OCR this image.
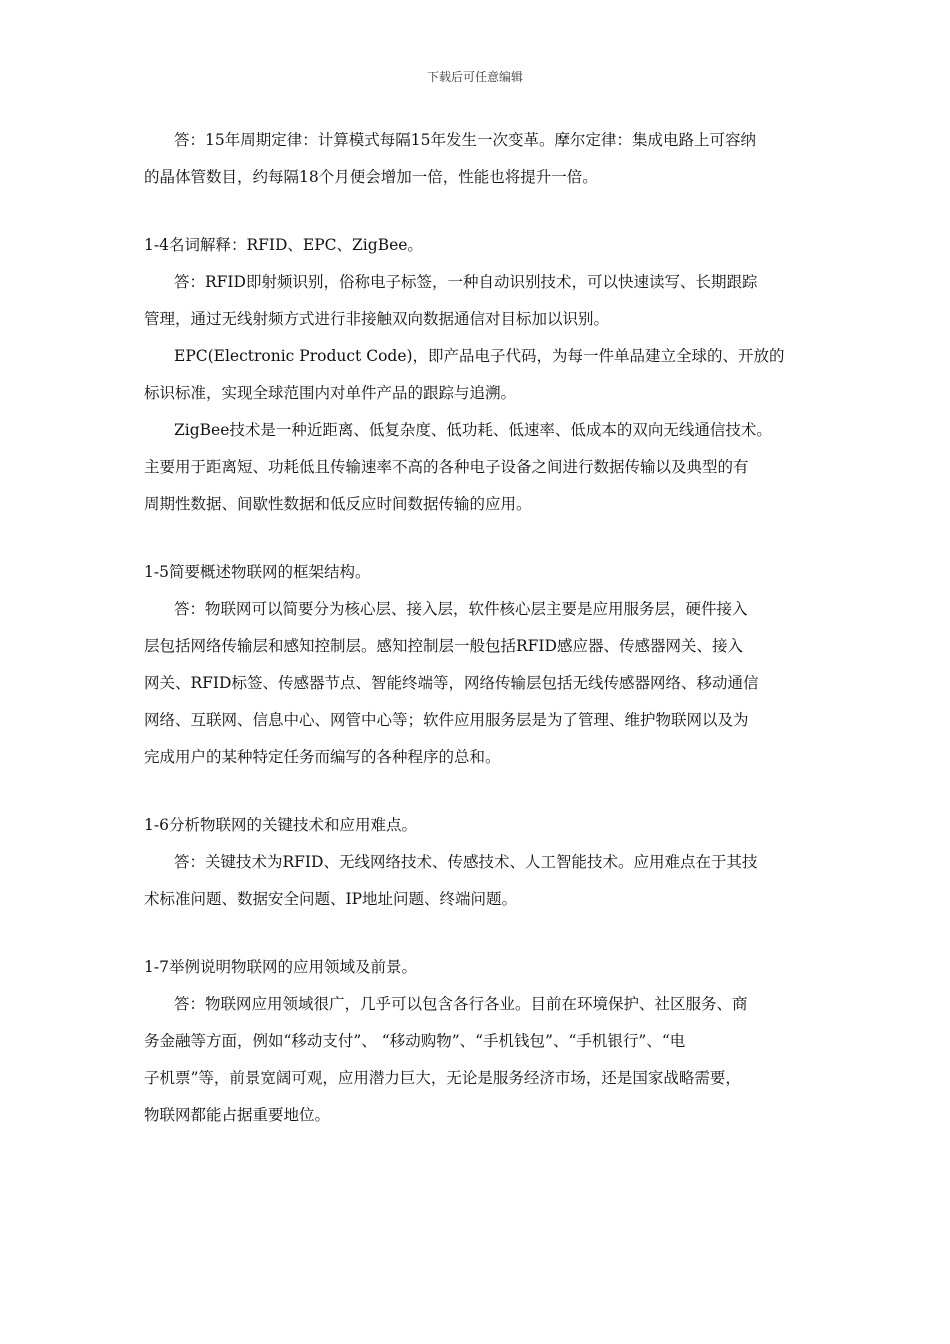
下载后可任意编辑
答：15年周期定律：计算模式每隔15年发生一次变革。摩尔定律：集成电路上可容纳
的晶体管数目，约每隔18个月便会增加一倍，性能也将提升一倍。
1-4名词解释：RFID、EPC、ZigBee。
答：RFID即射频识别，俗称电子标签，一种自动识别技术，可以快速读写、长期跟踪
管理，通过无线射频方式进行非接触双向数据通信对目标加以识别。
EPC(Electronic Product Code)，即产品电子代码，为每一件单品建立全球的、开放的
标识标准，实现全球范围内对单件产品的跟踪与追溯。
ZigBee技术是一种近距离、低复杂度、低功耗、低速率、低成本的双向无线通信技术。
主要用于距离短、功耗低且传输速率不高的各种电子设备之间进行数据传输以及典型的有
周期性数据、间歇性数据和低反应时间数据传输的应用。
1-5简要概述物联网的框架结构。
答：物联网可以简要分为核心层、接入层，软件核心层主要是应用服务层，硬件接入
层包括网络传输层和感知控制层。感知控制层一般包括RFID感应器、传感器网关、接入
网关、RFID标签、传感器节点、智能终端等，网络传输层包括无线传感器网络、移动通信
网络、互联网、信息中心、网管中心等；软件应用服务层是为了管理、维护物联网以及为
完成用户的某种特定任务而编写的各种程序的总和。
1-6分析物联网的关键技术和应用难点。
答：关键技术为RFID、无线网络技术、传感技术、人工智能技术。应用难点在于其技
术标准问题、数据安全问题、IP地址问题、终端问题。
1-7举例说明物联网的应用领域及前景。
答：物联网应用领域很广，几乎可以包含各行各业。目前在环境保护、社区服务、商
务金融等方面，例如“移动支付”、 “移动购物”、“手机钱包”、“手机银行”、“电
子机票”等，前景宽阔可观，应用潜力巨大，无论是服务经济市场，还是国家战略需要，
物联网都能占据重要地位。
